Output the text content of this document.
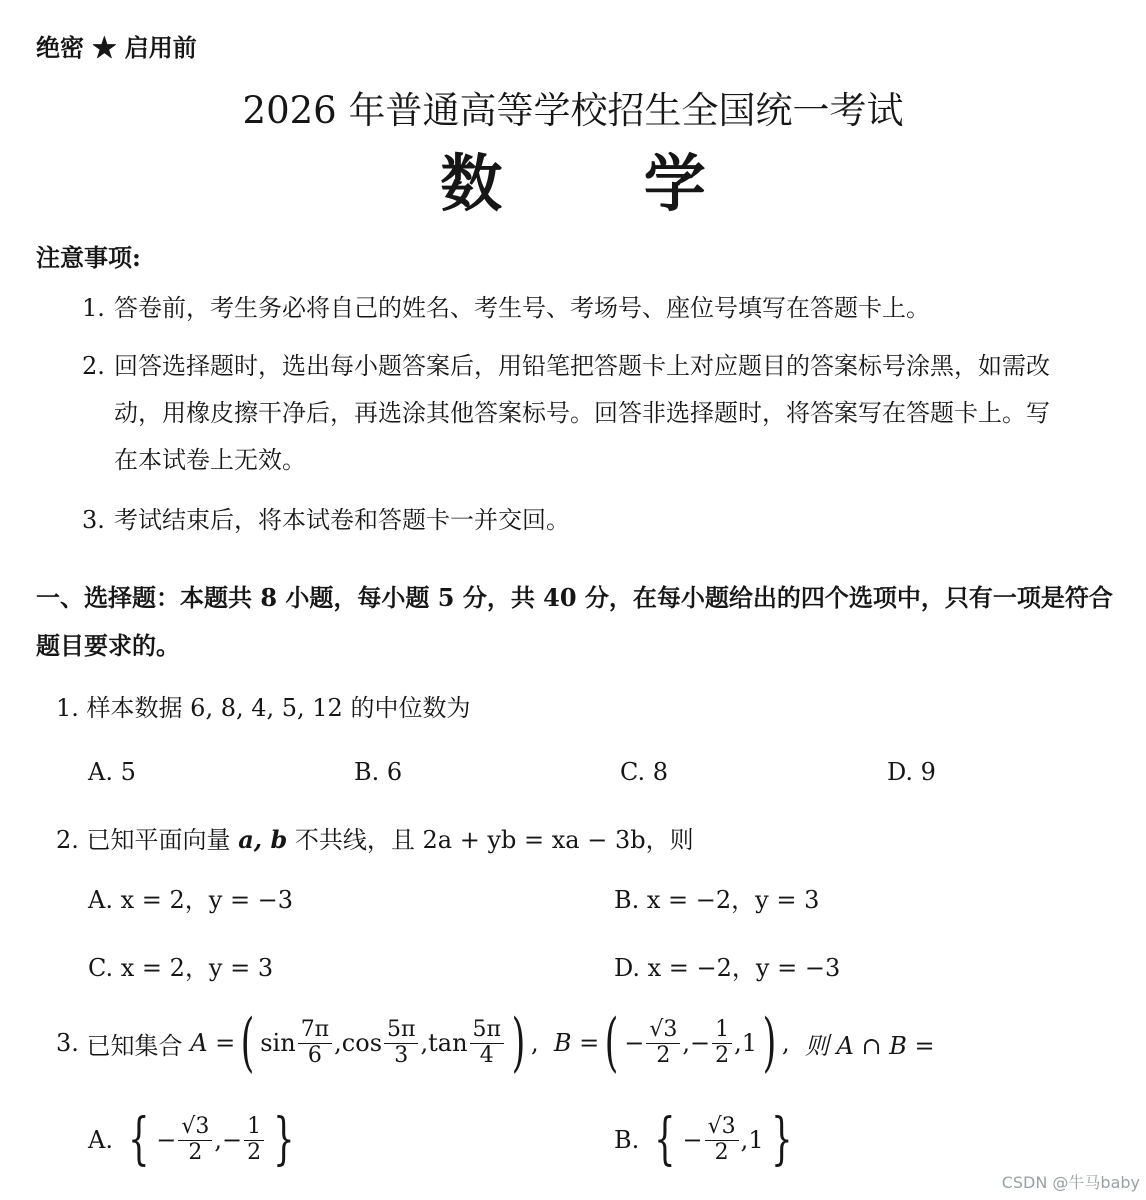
绝密 ★ 启用前
2026 年普通高等学校招生全国统一考试
数 学
注意事项:
1. 答卷前，考生务必将自己的姓名、考生号、考场号、座位号填写在答题卡上。
2. 回答选择题时，选出每小题答案后，用铅笔把答题卡上对应题目的答案标号涂黑，如需改
动，用橡皮擦干净后，再选涂其他答案标号。回答非选择题时，将答案写在答题卡上。写
在本试卷上无效。
3. 考试结束后，将本试卷和答题卡一并交回。
一、选择题：本题共 8 小题，每小题 5 分，共 40 分，在每小题给出的四个选项中，只有一项是符合题目要求的。
1. 样本数据 6, 8, 4, 5, 12 的中位数为
A. 5	B. 6	C. 8	D. 9
2. 已知平面向量 a, b 不共线，且 2a + yb = xa − 3b，则
A. x = 2，y = −3	B. x = −2，y = 3
C. x = 2，y = 3	D. x = −2，y = −3
3.
已知集合
A = ( $\sin \frac{7\pi}{6}$ , $\cos \frac{5\pi}{3}$ , $\tan \frac{5\pi}{4}$ ) , B = ( − $\frac{√3}{2}$ , − $\frac{1}{2}$ , 1 ) , 则 A ∩ B =
A.
{ − $\frac{√3}{2}$ , − $\frac{1}{2}$ }	B.
{ − $\frac{√3}{2}$ , 1 }
CSDN @牛马baby
